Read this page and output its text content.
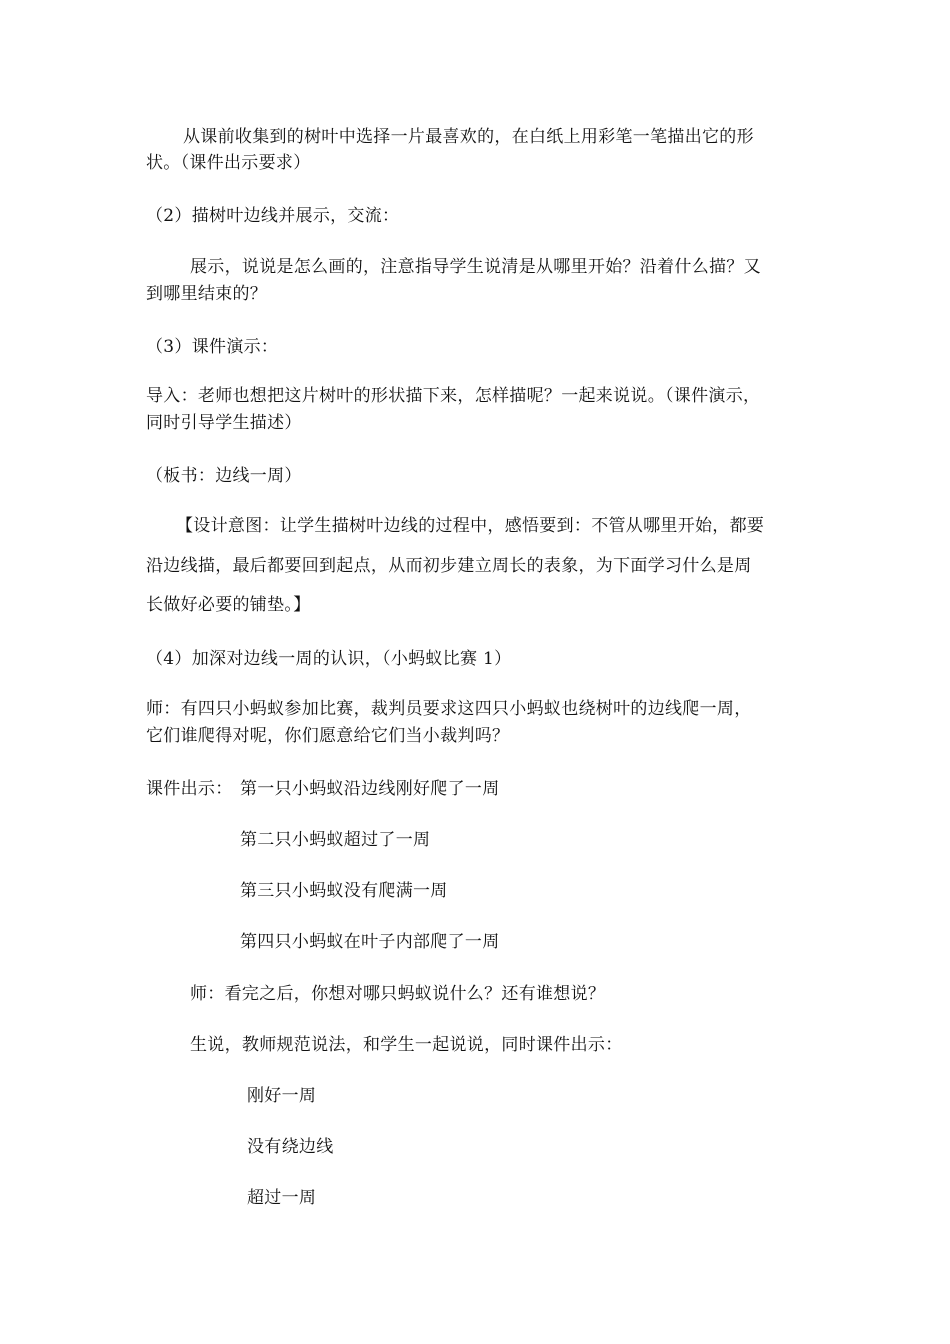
从课前收集到的树叶中选择一片最喜欢的，在白纸上用彩笔一笔描出它的形
状。（课件出示要求）
（2）描树叶边线并展示，交流：
展示，说说是怎么画的，注意指导学生说清是从哪里开始？沿着什么描？又
到哪里结束的？
（3）课件演示：
导入：老师也想把这片树叶的形状描下来，怎样描呢？一起来说说。（课件演示，
同时引导学生描述）
（板书：边线一周）
【设计意图：让学生描树叶边线的过程中，感悟要到：不管从哪里开始，都要
沿边线描，最后都要回到起点，从而初步建立周长的表象，为下面学习什么是周
长做好必要的铺垫。】
（4）加深对边线一周的认识，（小蚂蚁比赛 1）
师：有四只小蚂蚁参加比赛，裁判员要求这四只小蚂蚁也绕树叶的边线爬一周，
它们谁爬得对呢，你们愿意给它们当小裁判吗？
课件出示： 第一只小蚂蚁沿边线刚好爬了一周
第二只小蚂蚁超过了一周
第三只小蚂蚁没有爬满一周
第四只小蚂蚁在叶子内部爬了一周
师：看完之后，你想对哪只蚂蚁说什么？还有谁想说？
生说，教师规范说法，和学生一起说说，同时课件出示：
刚好一周
没有绕边线
超过一周
